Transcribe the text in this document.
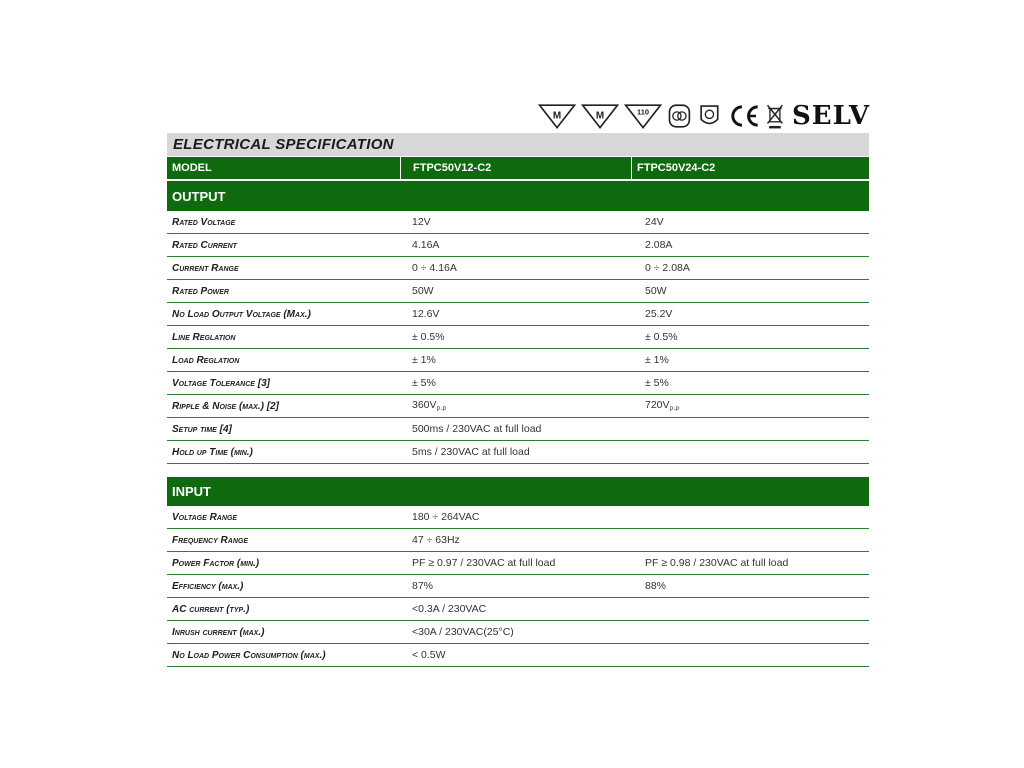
M	M	110	SELV
ELECTRICAL SPECIFICATION
MODEL	FTPC50V12-C2	FTPC50V24-C2
OUTPUT
Rated Voltage	12V	24V
Rated Current	4.16A	2.08A
Current Range	0 ÷ 4.16A	0 ÷ 2.08A
Rated Power	50W	50W
No Load Output Voltage (Max.)	12.6V	25.2V
Line Reglation	± 0.5%	± 0.5%
Load Reglation	± 1%	± 1%
Voltage Tolerance [3]	± 5%	± 5%
Ripple & Noise (max.) [2]	$360V_{P-P}$	$720V_{P-P}$
Setup time [4]	500ms / 230VAC at full load
Hold up Time (min.)	5ms / 230VAC at full load
INPUT
Voltage Range	180 ÷ 264VAC
Frequency Range	47 ÷ 63Hz
Power Factor (min.)	PF ≥ 0.97 / 230VAC at full load	PF ≥ 0.98 / 230VAC at full load
Efficiency (max.)	87%	88%
AC current (typ.)	<0.3A / 230VAC
Inrush current (max.)	<30A / 230VAC(25°C)
No Load Power Consumption (max.)	< 0.5W
